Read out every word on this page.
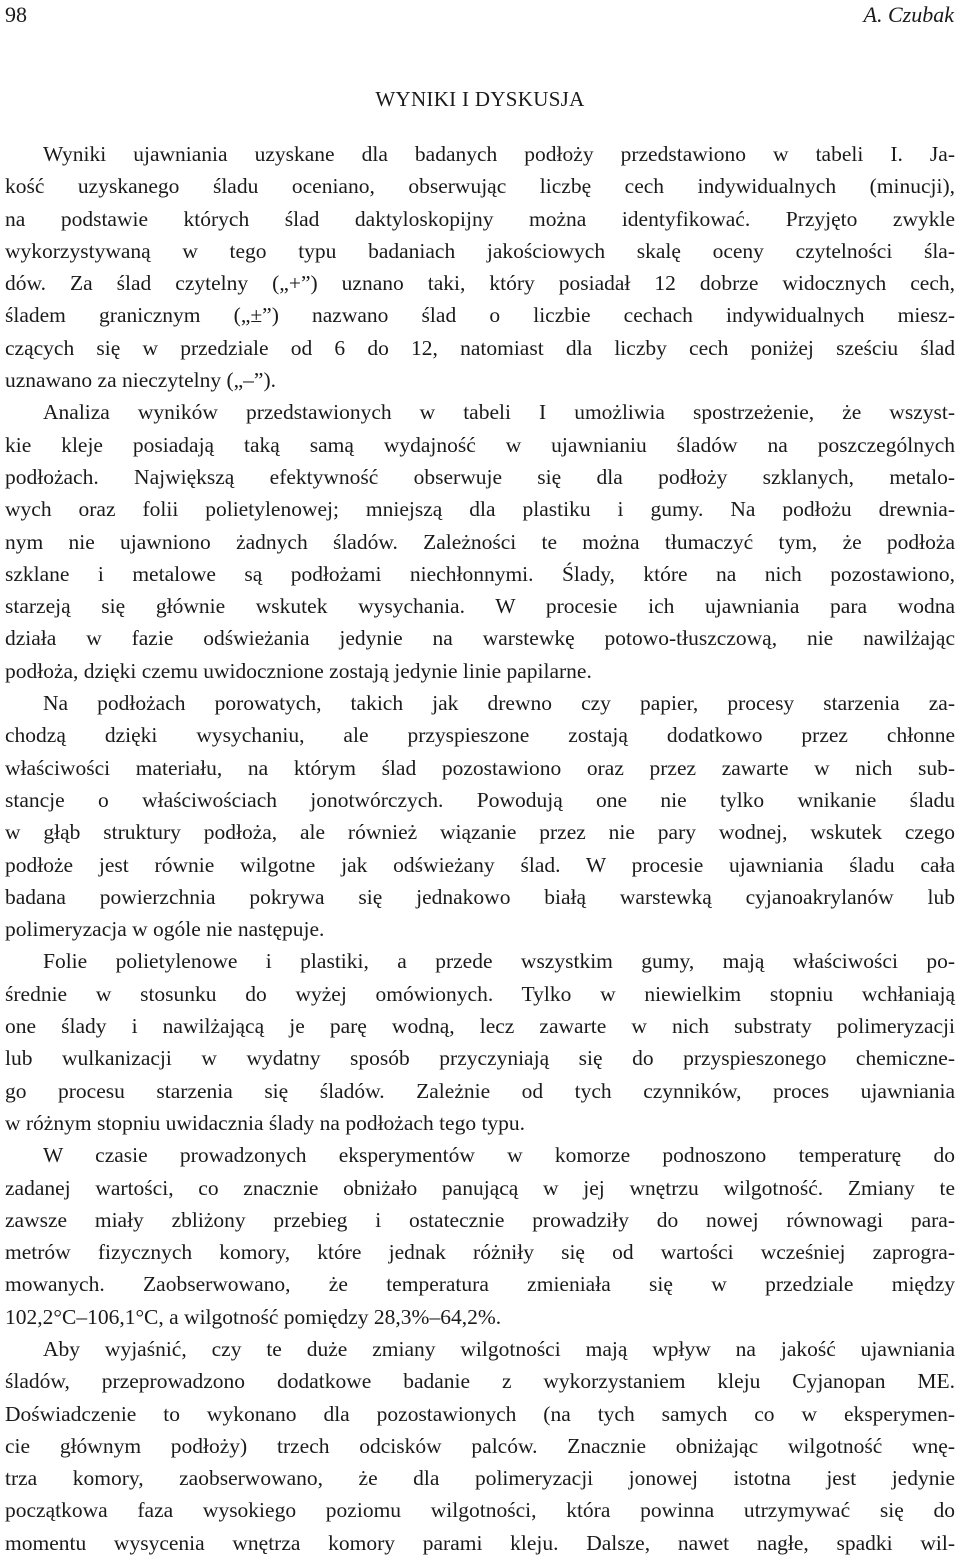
98	A. Czubak
WYNIKI I DYSKUSJA
Wyniki ujawniania uzyskane dla badanych podłoży przedstawiono w tabeli I. Ja-
kość uzyskanego śladu oceniano, obserwując liczbę cech indywidualnych (minucji),
na podstawie których ślad daktyloskopijny można identyfikować. Przyjęto zwykle
wykorzystywaną w tego typu badaniach jakościowych skalę oceny czytelności śla-
dów. Za ślad czytelny („+”) uznano taki, który posiadał 12 dobrze widocznych cech,
śladem granicznym („±”) nazwano ślad o liczbie cechach indywidualnych miesz-
czących się w przedziale od 6 do 12, natomiast dla liczby cech poniżej sześciu ślad
uznawano za nieczytelny („–”).
Analiza wyników przedstawionych w tabeli I umożliwia spostrzeżenie, że wszyst-
kie kleje posiadają taką samą wydajność w ujawnianiu śladów na poszczególnych
podłożach. Największą efektywność obserwuje się dla podłoży szklanych, metalo-
wych oraz folii polietylenowej; mniejszą dla plastiku i gumy. Na podłożu drewnia-
nym nie ujawniono żadnych śladów. Zależności te można tłumaczyć tym, że podłoża
szklane i metalowe są podłożami niechłonnymi. Ślady, które na nich pozostawiono,
starzeją się głównie wskutek wysychania. W procesie ich ujawniania para wodna
działa w fazie odświeżania jedynie na warstewkę potowo-tłuszczową, nie nawilżając
podłoża, dzięki czemu uwidocznione zostają jedynie linie papilarne.
Na podłożach porowatych, takich jak drewno czy papier, procesy starzenia za-
chodzą dzięki wysychaniu, ale przyspieszone zostają dodatkowo przez chłonne
właściwości materiału, na którym ślad pozostawiono oraz przez zawarte w nich sub-
stancje o właściwościach jonotwórczych. Powodują one nie tylko wnikanie śladu
w głąb struktury podłoża, ale również wiązanie przez nie pary wodnej, wskutek czego
podłoże jest równie wilgotne jak odświeżany ślad. W procesie ujawniania śladu cała
badana powierzchnia pokrywa się jednakowo białą warstewką cyjanoakrylanów lub
polimeryzacja w ogóle nie następuje.
Folie polietylenowe i plastiki, a przede wszystkim gumy, mają właściwości po-
średnie w stosunku do wyżej omówionych. Tylko w niewielkim stopniu wchłaniają
one ślady i nawilżającą je parę wodną, lecz zawarte w nich substraty polimeryzacji
lub wulkanizacji w wydatny sposób przyczyniają się do przyspieszonego chemiczne-
go procesu starzenia się śladów. Zależnie od tych czynników, proces ujawniania
w różnym stopniu uwidacznia ślady na podłożach tego typu.
W czasie prowadzonych eksperymentów w komorze podnoszono temperaturę do
zadanej wartości, co znacznie obniżało panującą w jej wnętrzu wilgotność. Zmiany te
zawsze miały zbliżony przebieg i ostatecznie prowadziły do nowej równowagi para-
metrów fizycznych komory, które jednak różniły się od wartości wcześniej zaprogra-
mowanych. Zaobserwowano, że temperatura zmieniała się w przedziale między
102,2°C–106,1°C, a wilgotność pomiędzy 28,3%–64,2%.
Aby wyjaśnić, czy te duże zmiany wilgotności mają wpływ na jakość ujawniania
śladów, przeprowadzono dodatkowe badanie z wykorzystaniem kleju Cyjanopan ME.
Doświadczenie to wykonano dla pozostawionych (na tych samych co w eksperymen-
cie głównym podłoży) trzech odcisków palców. Znacznie obniżając wilgotność wnę-
trza komory, zaobserwowano, że dla polimeryzacji jonowej istotna jest jedynie
początkowa faza wysokiego poziomu wilgotności, która powinna utrzymywać się do
momentu wysycenia wnętrza komory parami kleju. Dalsze, nawet nagłe, spadki wil-
